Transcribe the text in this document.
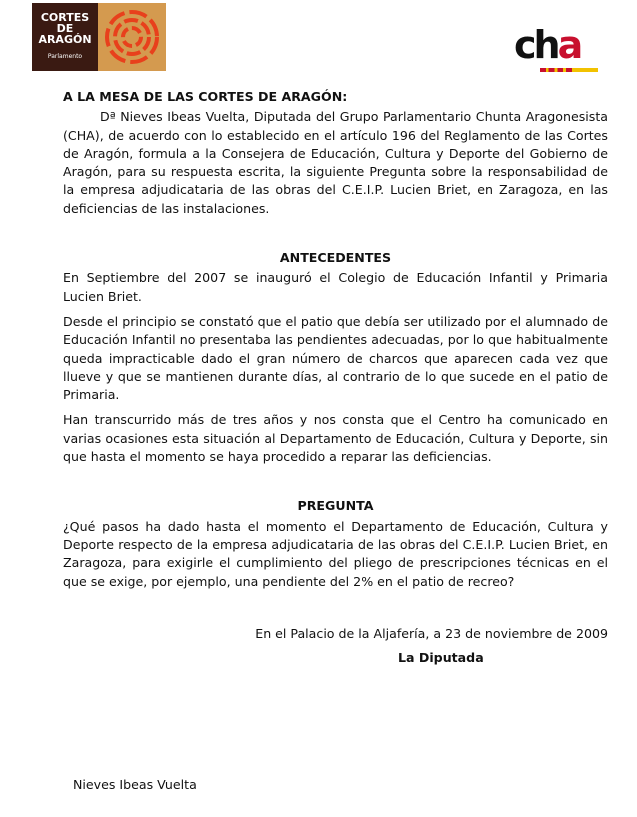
CORTES
DE
ARAGÓN
Parlamento	cha
A LA MESA DE LAS CORTES DE ARAGÓN:

Dª Nieves Ibeas Vuelta, Diputada del Grupo Parlamentario Chunta Aragonesista (CHA), de acuerdo con lo establecido en el artículo 196 del Reglamento de las Cortes de Aragón, formula a la Consejera de Educación, Cultura y Deporte del Gobierno de Aragón, para su respuesta escrita, la siguiente Pregunta sobre la responsabilidad de la empresa adjudicataria de las obras del C.E.I.P. Lucien Briet, en Zaragoza, en las deficiencias de las instalaciones.

ANTECEDENTES

En Septiembre del 2007 se inauguró el Colegio de Educación Infantil y Primaria Lucien Briet.

Desde el principio se constató que el patio que debía ser utilizado por el alumnado de Educación Infantil no presentaba las pendientes adecuadas, por lo que habitualmente queda impracticable dado el gran número de charcos que aparecen cada vez que llueve y que se mantienen durante días, al contrario de lo que sucede en el patio de Primaria.

Han transcurrido más de tres años y nos consta que el Centro ha comunicado en varias ocasiones esta situación al Departamento de Educación, Cultura y Deporte, sin que hasta el momento se haya procedido a reparar las deficiencias.

PREGUNTA

¿Qué pasos ha dado hasta el momento el Departamento de Educación, Cultura y Deporte respecto de la empresa adjudicataria de las obras del C.E.I.P. Lucien Briet, en Zaragoza, para exigirle el cumplimiento del pliego de prescripciones técnicas en el que se exige, por ejemplo, una pendiente del 2% en el patio de recreo?

En el Palacio de la Aljafería, a 23 de noviembre de 2009
La Diputada
Nieves Ibeas Vuelta
